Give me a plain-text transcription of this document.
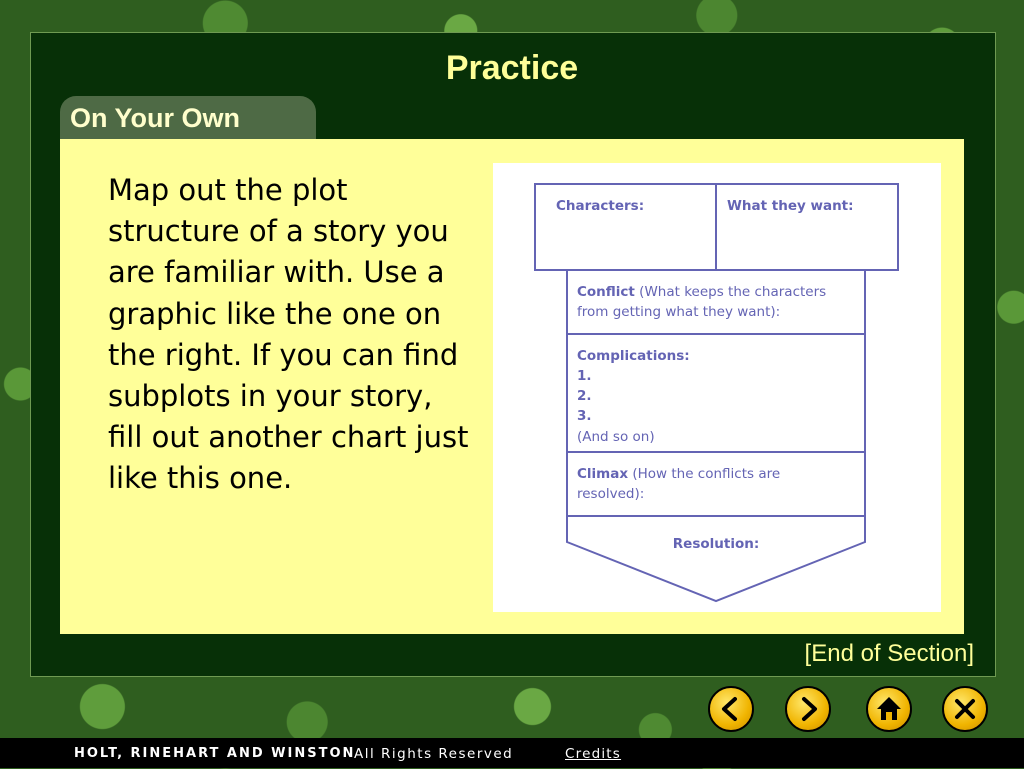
Practice
On Your Own

Map out the plot structure of a story you are familiar with. Use a graphic like the one on the right. If you can find subplots in your story, fill out another chart just like this one.

Characters:	What they want:
Conflict (What keeps the characters
from getting what they want):
Complications:
1.
2.
3.
(And so on)
Climax (How the conflicts are
resolved):
Resolution:
[End of Section]

HOLT, RINEHART AND WINSTON
All Rights Reserved	Credits
